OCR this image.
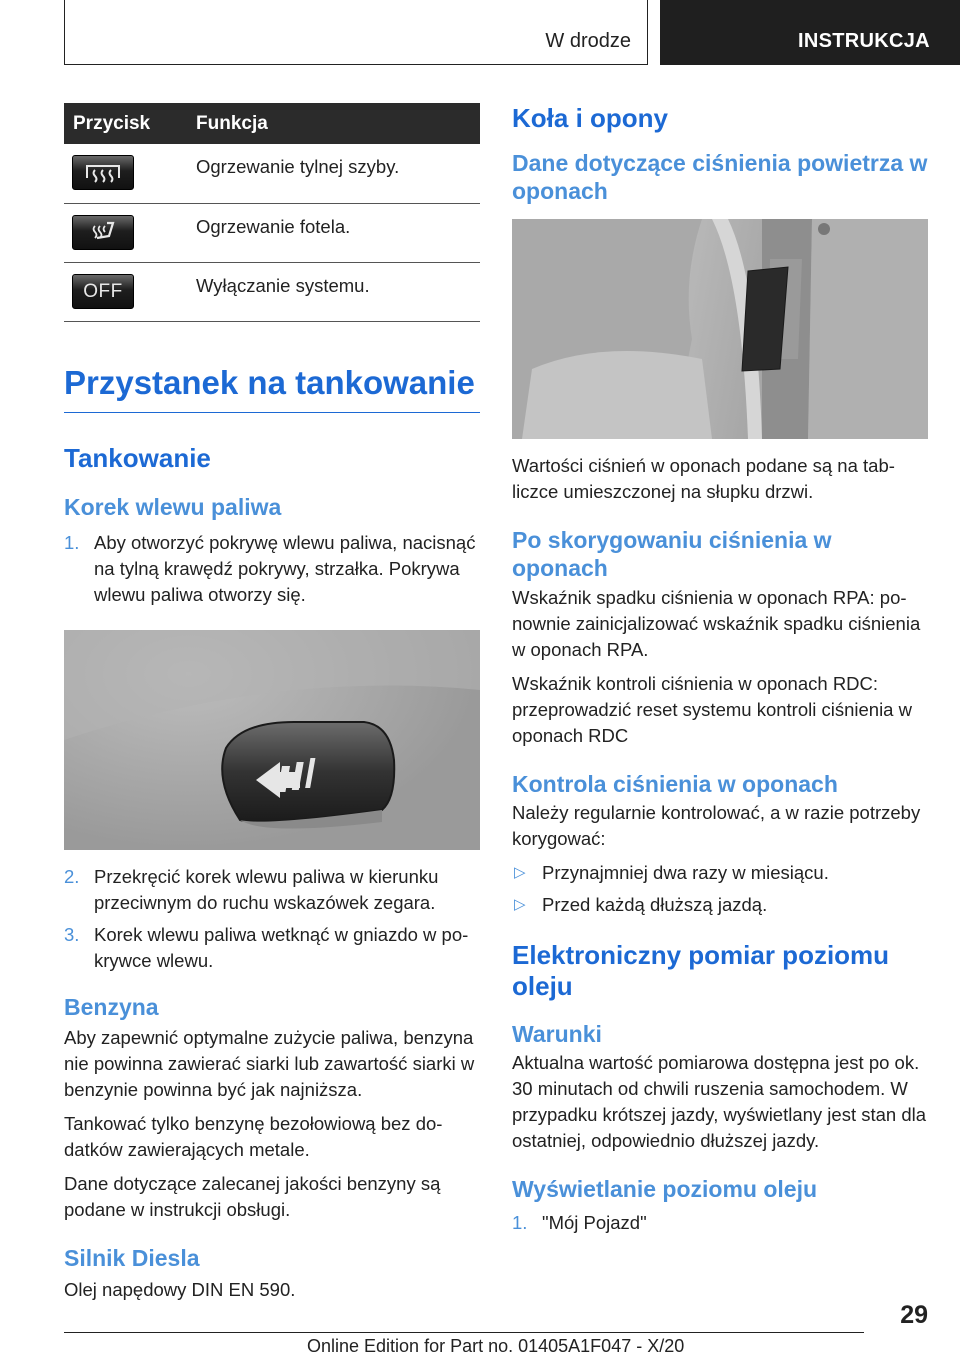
W drodze	INSTRUKCJA
Przycisk Funkcja
Ogrzewanie tylnej szyby.
Ogrzewanie fotela.
OFF	Wyłączanie systemu.
Przystanek na tankowanie
Tankowanie
Korek wlewu paliwa
1. Aby otworzyć pokrywę wlewu paliwa, nacisnąć na tylną krawędź pokrywy, strzałka. Pokrywa wlewu paliwa otworzy się.
2. Przekręcić korek wlewu paliwa w kierunku przeciwnym do ruchu wskazówek zegara.
3. Korek wlewu paliwa wetknąć w gniazdo w pokrywce wlewu.
Benzyna

Aby zapewnić optymalne zużycie paliwa, benzyna nie powinna zawierać siarki lub zawartość siarki w benzynie powinna być jak najniższa.

Tankować tylko benzynę bezołowiową bez dodatków zawierających metale.

Dane dotyczące zalecanej jakości benzyny są podane w instrukcji obsługi.

Silnik Diesla

Olej napędowy DIN EN 590.

Koła i opony
Dane dotyczące ciśnienia powietrza w oponach

Wartości ciśnień w oponach podane są na tabliczce umieszczonej na słupku drzwi.

Po skorygowaniu ciśnienia w oponach

Wskaźnik spadku ciśnienia w oponach RPA: ponownie zainicjalizować wskaźnik spadku ciśnienia w oponach RPA.

Wskaźnik kontroli ciśnienia w oponach RDC: przeprowadzić reset systemu kontroli ciśnienia w oponach RDC

Kontrola ciśnienia w oponach

Należy regularnie kontrolować, a w razie potrzeby korygować:

▷ Przynajmniej dwa razy w miesiącu.
▷ Przed każdą dłuższą jazdą.
Elektroniczny pomiar poziomu oleju
Warunki

Aktualna wartość pomiarowa dostępna jest po ok. 30 minutach od chwili ruszenia samochodem. W przypadku krótszej jazdy, wyświetlany jest stan dla ostatniej, odpowiednio dłuższej jazdy.

Wyświetlanie poziomu oleju
1. "Mój Pojazd"
29
Online Edition for Part no. 01405A1F047 - X/20
